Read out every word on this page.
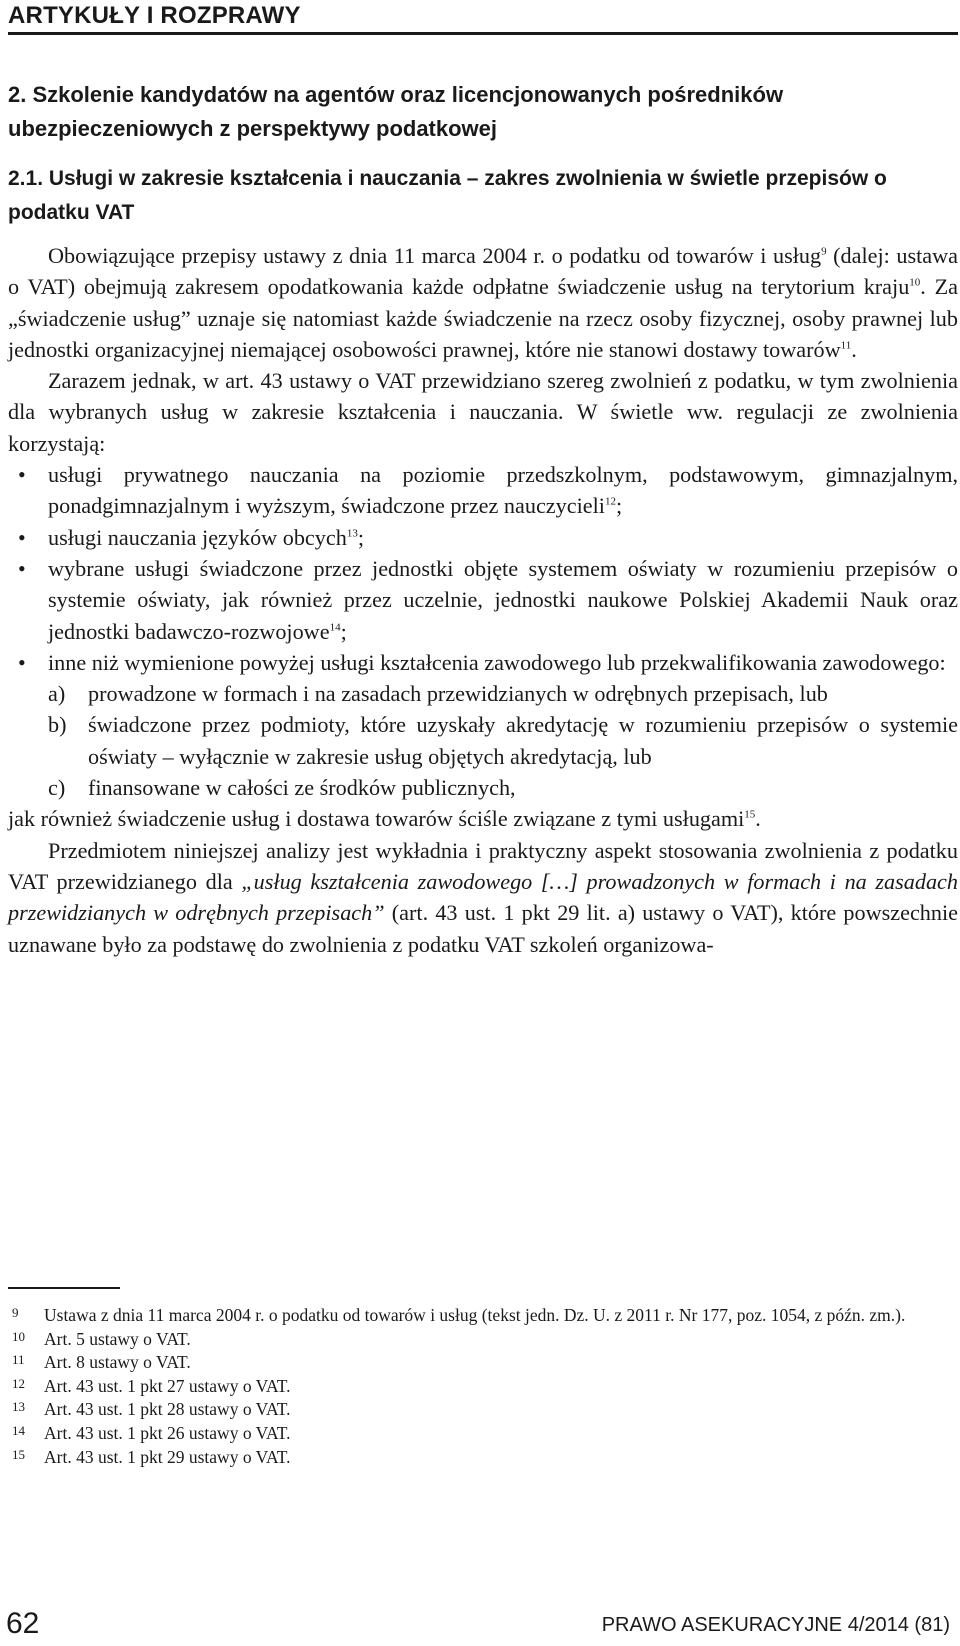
ARTYKUŁY I ROZPRAWY
2. Szkolenie kandydatów na agentów oraz licencjonowanych pośredników ubezpieczeniowych z perspektywy podatkowej
2.1. Usługi w zakresie kształcenia i nauczania – zakres zwolnienia w świetle przepisów o podatku VAT

Obowiązujące przepisy ustawy z dnia 11 marca 2004 r. o podatku od towarów i usług$^9$ (dalej: ustawa o VAT) obejmują zakresem opodatkowania każde odpłatne świadczenie usług na terytorium kraju$^{10}$. Za „świadczenie usług” uznaje się natomiast każde świadczenie na rzecz osoby fizycznej, osoby prawnej lub jednostki organizacyjnej niemającej osobowości prawnej, które nie stanowi dostawy towarów$^{11}$.

Zarazem jednak, w art. 43 ustawy o VAT przewidziano szereg zwolnień z podatku, w tym zwolnienia dla wybranych usług w zakresie kształcenia i nauczania. W świetle ww. regulacji ze zwolnienia korzystają:

• usługi prywatnego nauczania na poziomie przedszkolnym, podstawowym, gimnazjalnym, ponadgimnazjalnym i wyższym, świadczone przez nauczycieli$^{12}$;
• usługi nauczania języków obcych$^{13}$;
• wybrane usługi świadczone przez jednostki objęte systemem oświaty w rozumieniu przepisów o systemie oświaty, jak również przez uczelnie, jednostki naukowe Polskiej Akademii Nauk oraz jednostki badawczo-rozwojowe$^{14}$;
• inne niż wymienione powyżej usługi kształcenia zawodowego lub przekwalifikowania zawodowego:
a) prowadzone w formach i na zasadach przewidzianych w odrębnych przepisach, lub
b) świadczone przez podmioty, które uzyskały akredytację w rozumieniu przepisów o systemie oświaty – wyłącznie w zakresie usług objętych akredytacją, lub
c) finansowane w całości ze środków publicznych,

jak również świadczenie usług i dostawa towarów ściśle związane z tymi usługami$^{15}$.

Przedmiotem niniejszej analizy jest wykładnia i praktyczny aspekt stosowania zwolnienia z podatku VAT przewidzianego dla „usług kształcenia zawodowego […] prowadzonych w formach i na zasadach przewidzianych w odrębnych przepisach” (art. 43 ust. 1 pkt 29 lit. a) ustawy o VAT), które powszechnie uznawane było za podstawę do zwolnienia z podatku VAT szkoleń organizowa-

9 Ustawa z dnia 11 marca 2004 r. o podatku od towarów i usług (tekst jedn. Dz. U. z 2011 r. Nr 177, poz. 1054, z późn. zm.).
10 Art. 5 ustawy o VAT.
11 Art. 8 ustawy o VAT.
12 Art. 43 ust. 1 pkt 27 ustawy o VAT.
13 Art. 43 ust. 1 pkt 28 ustawy o VAT.
14 Art. 43 ust. 1 pkt 26 ustawy o VAT.
15 Art. 43 ust. 1 pkt 29 ustawy o VAT.
62	PRAWO ASEKURACYJNE 4/2014 (81)
